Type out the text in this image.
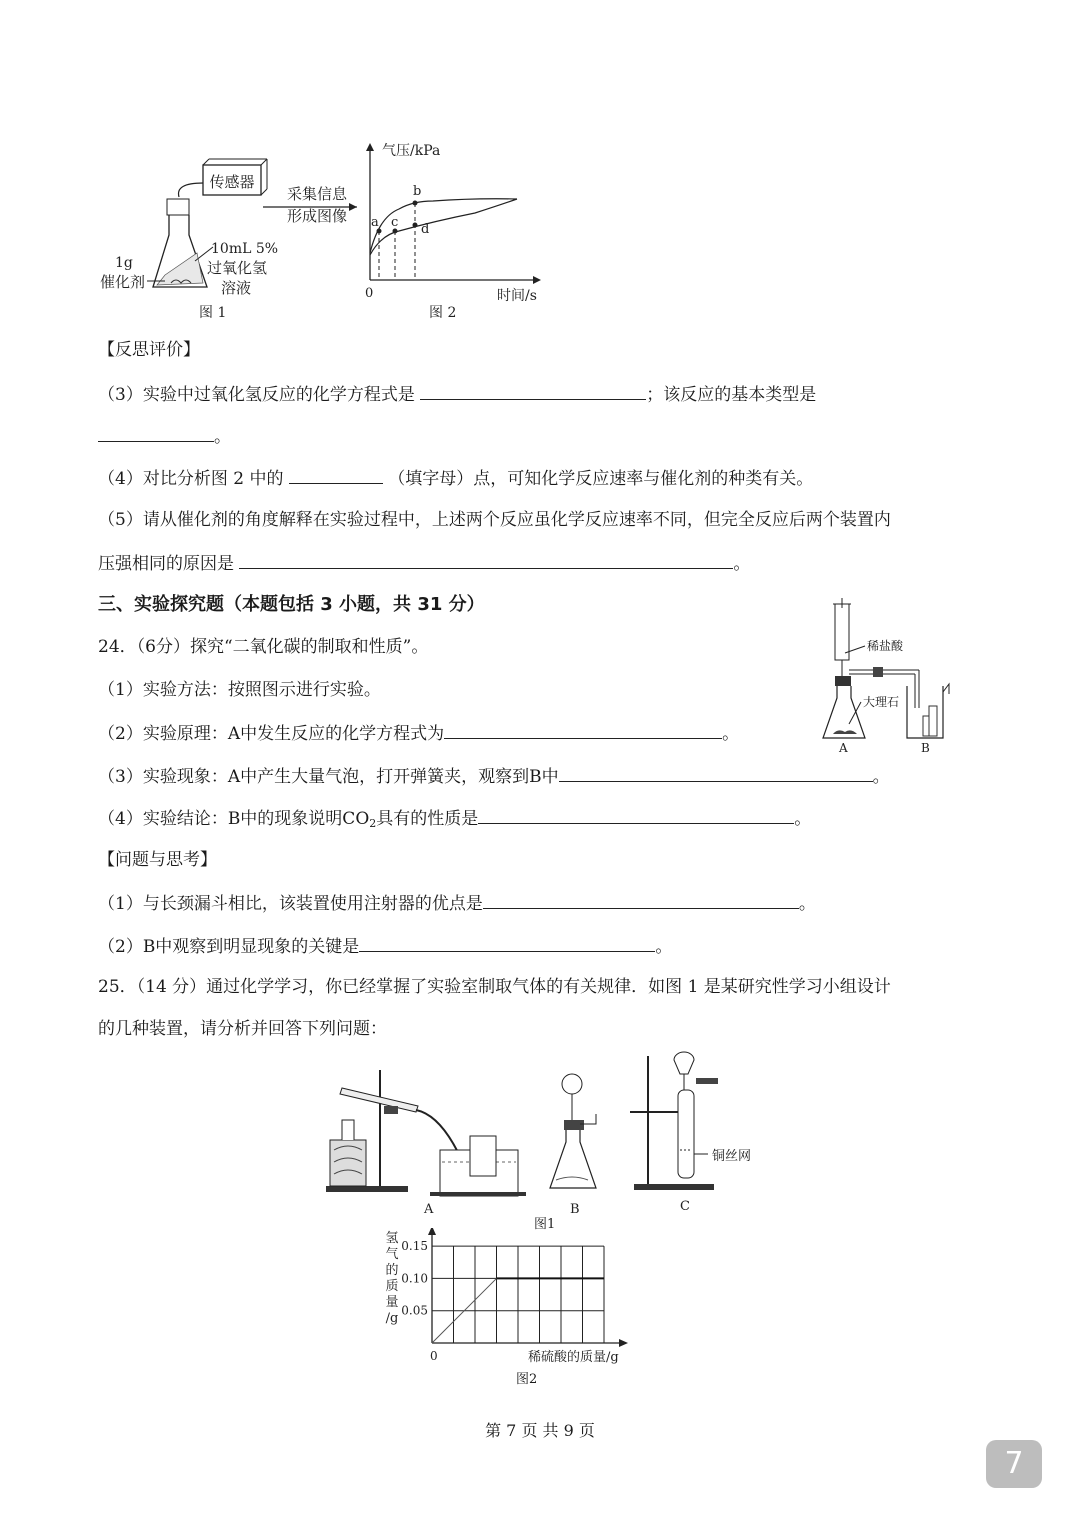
传感器
1g
催化剂
10mL 5%
过氧化氢
溶液
图 1
采集信息
形成图像
气压/kPa
时间/s
0
a c
b
d
图 2
【反思评价】
（3）实验中过氧化氢反应的化学方程式是	；该反应的基本类型是
。
（4）对比分析图 2 中的	（填字母）点，可知化学反应速率与催化剂的种类有关。
（5）请从催化剂的角度解释在实验过程中，上述两个反应虽化学反应速率不同，但完全反应后两个装置内
压强相同的原因是	。
三、实验探究题（本题包括 3 小题，共 31 分）
24．（6分）探究“二氧化碳的制取和性质”。
（1）实验方法：按照图示进行实验。
（2）实验原理：A中发生反应的化学方程式为	。
（3）实验现象：A中产生大量气泡，打开弹簧夹，观察到B中	。
（4）实验结论：B中的现象说明$CO_2$具有的性质是	。
【问题与思考】
（1）与长颈漏斗相比，该装置使用注射器的优点是	。
（2）B中观察到明显现象的关键是	。
稀盐酸
大理石
A	B
25．（14 分）通过化学学习，你已经掌握了实验室制取气体的有关规律．如图 1 是某研究性学习小组设计
的几种装置，请分析并回答下列问题：
A	B
铜丝网
C
图1
氢气的质量/g
0.15
0.10
0.05
0	稀硫酸的质量/g
图2
第 7 页 共 9 页
7
